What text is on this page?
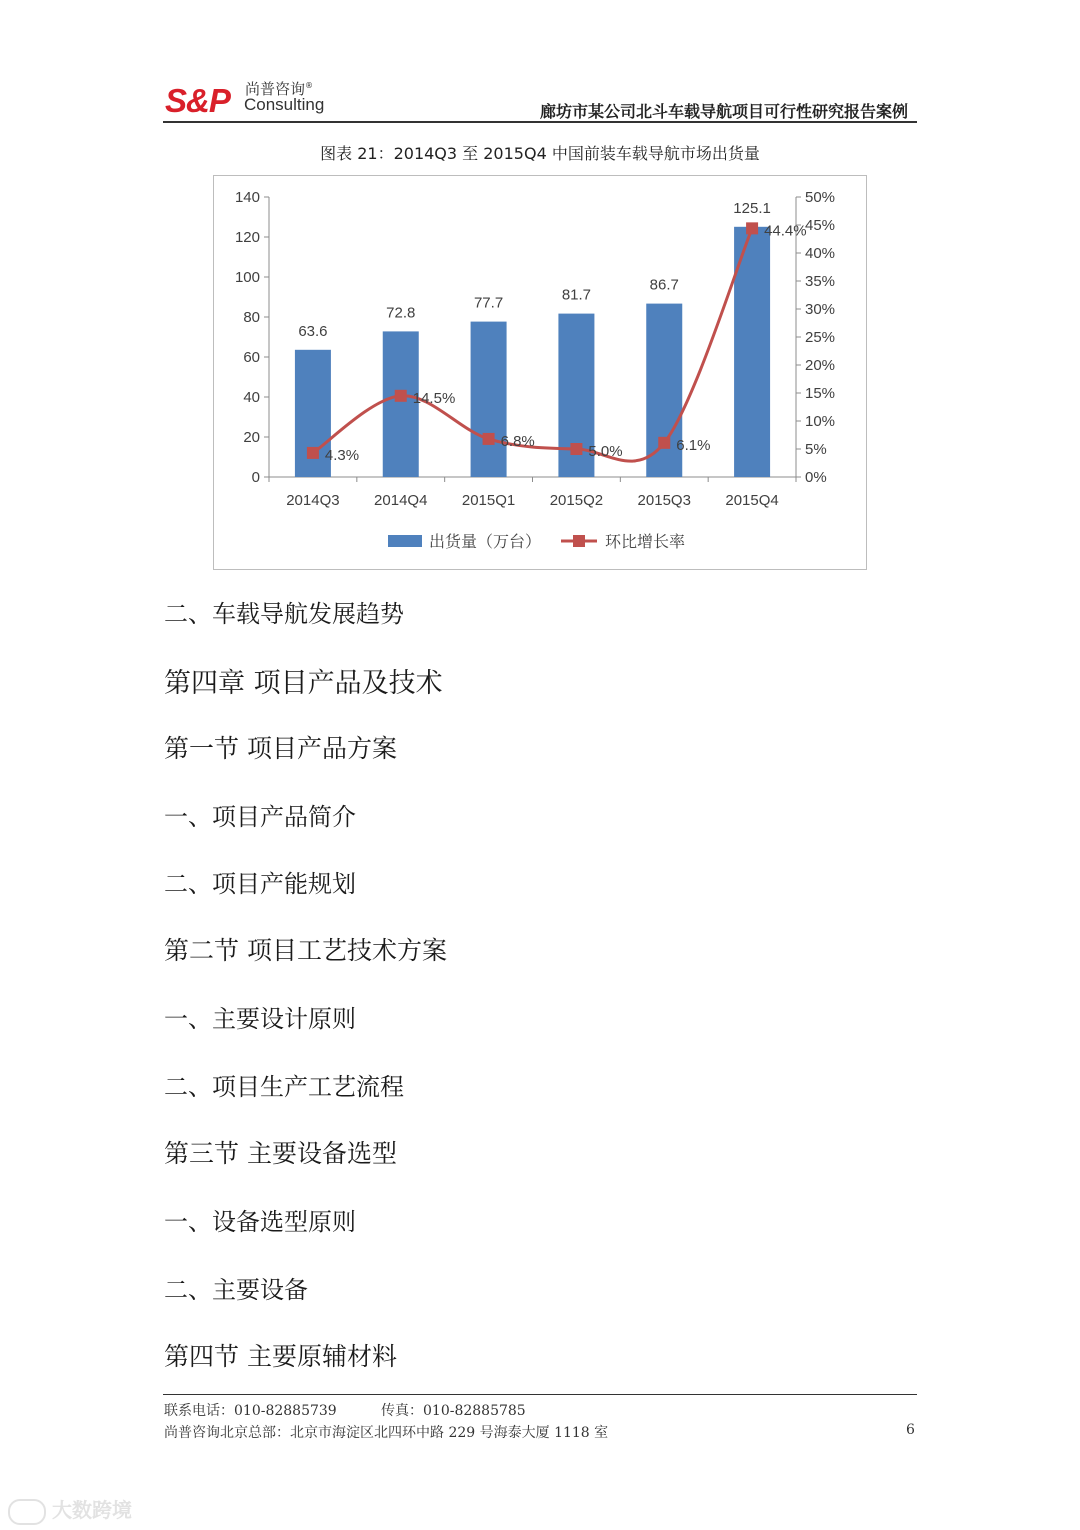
S&P 尚普咨询®
Consulting	廊坊市某公司北斗车载导航项目可行性研究报告案例
图表 21：2014Q3 至 2015Q4 中国前装车载导航市场出货量
0
20
40
60
80
100
120
140
0%
5%
10%
15%
20%
25%
30%
35%
40%
45%
50%
2014Q3 2014Q4 2015Q1 2015Q2 2015Q3 2015Q4
63.6
72.8
77.7	81.7
86.7
125.1
4.3%
14.5%
6.8%
5.0%	6.1%
44.4%
出货量（万台）	环比增长率
二、车载导航发展趋势
第四章 项目产品及技术
第一节 项目产品方案
一、项目产品简介
二、项目产能规划
第二节 项目工艺技术方案
一、主要设计原则
二、项目生产工艺流程
第三节 主要设备选型
一、设备选型原则
二、主要设备
第四节 主要原辅材料
联系电话：010-82885739	传真：010-82885785
尚普咨询北京总部：北京市海淀区北四环中路 229 号海泰大厦 1118 室	6
大数跨境
